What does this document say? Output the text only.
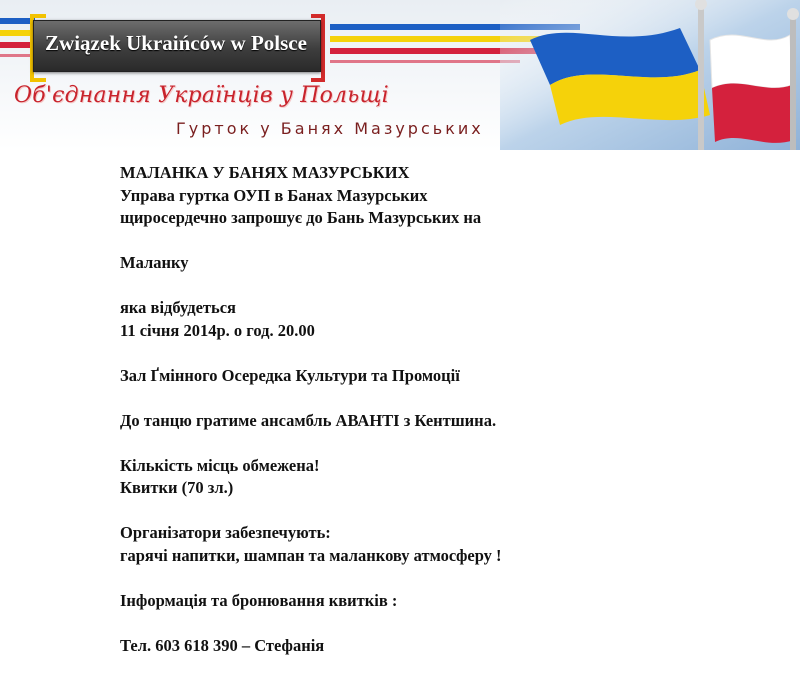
Związek Ukraińców w Polsce
Об'єднання Українців у Польщі
Гурток у Банях Мазурських

МАЛАНКА У БАНЯХ МАЗУРСЬКИХ

Управа гуртка ОУП в Банах Мазурських

щиросердечно запрошує до Бань Мазурських на

Маланку

яка відбудеться

11 січня 2014р. о год. 20.00

Зал Ґмінного Осередка Культури та Промоції

До танцю гратиме ансамбль АВАНТІ з Кентшина.

Кількість місць обмежена!

Квитки (70 зл.)

Організатори забезпечують:

гарячі напитки, шампан та маланкову атмосферу !

Інформація та бронювання квитків :

Тел. 603 618 390 – Стефанія
